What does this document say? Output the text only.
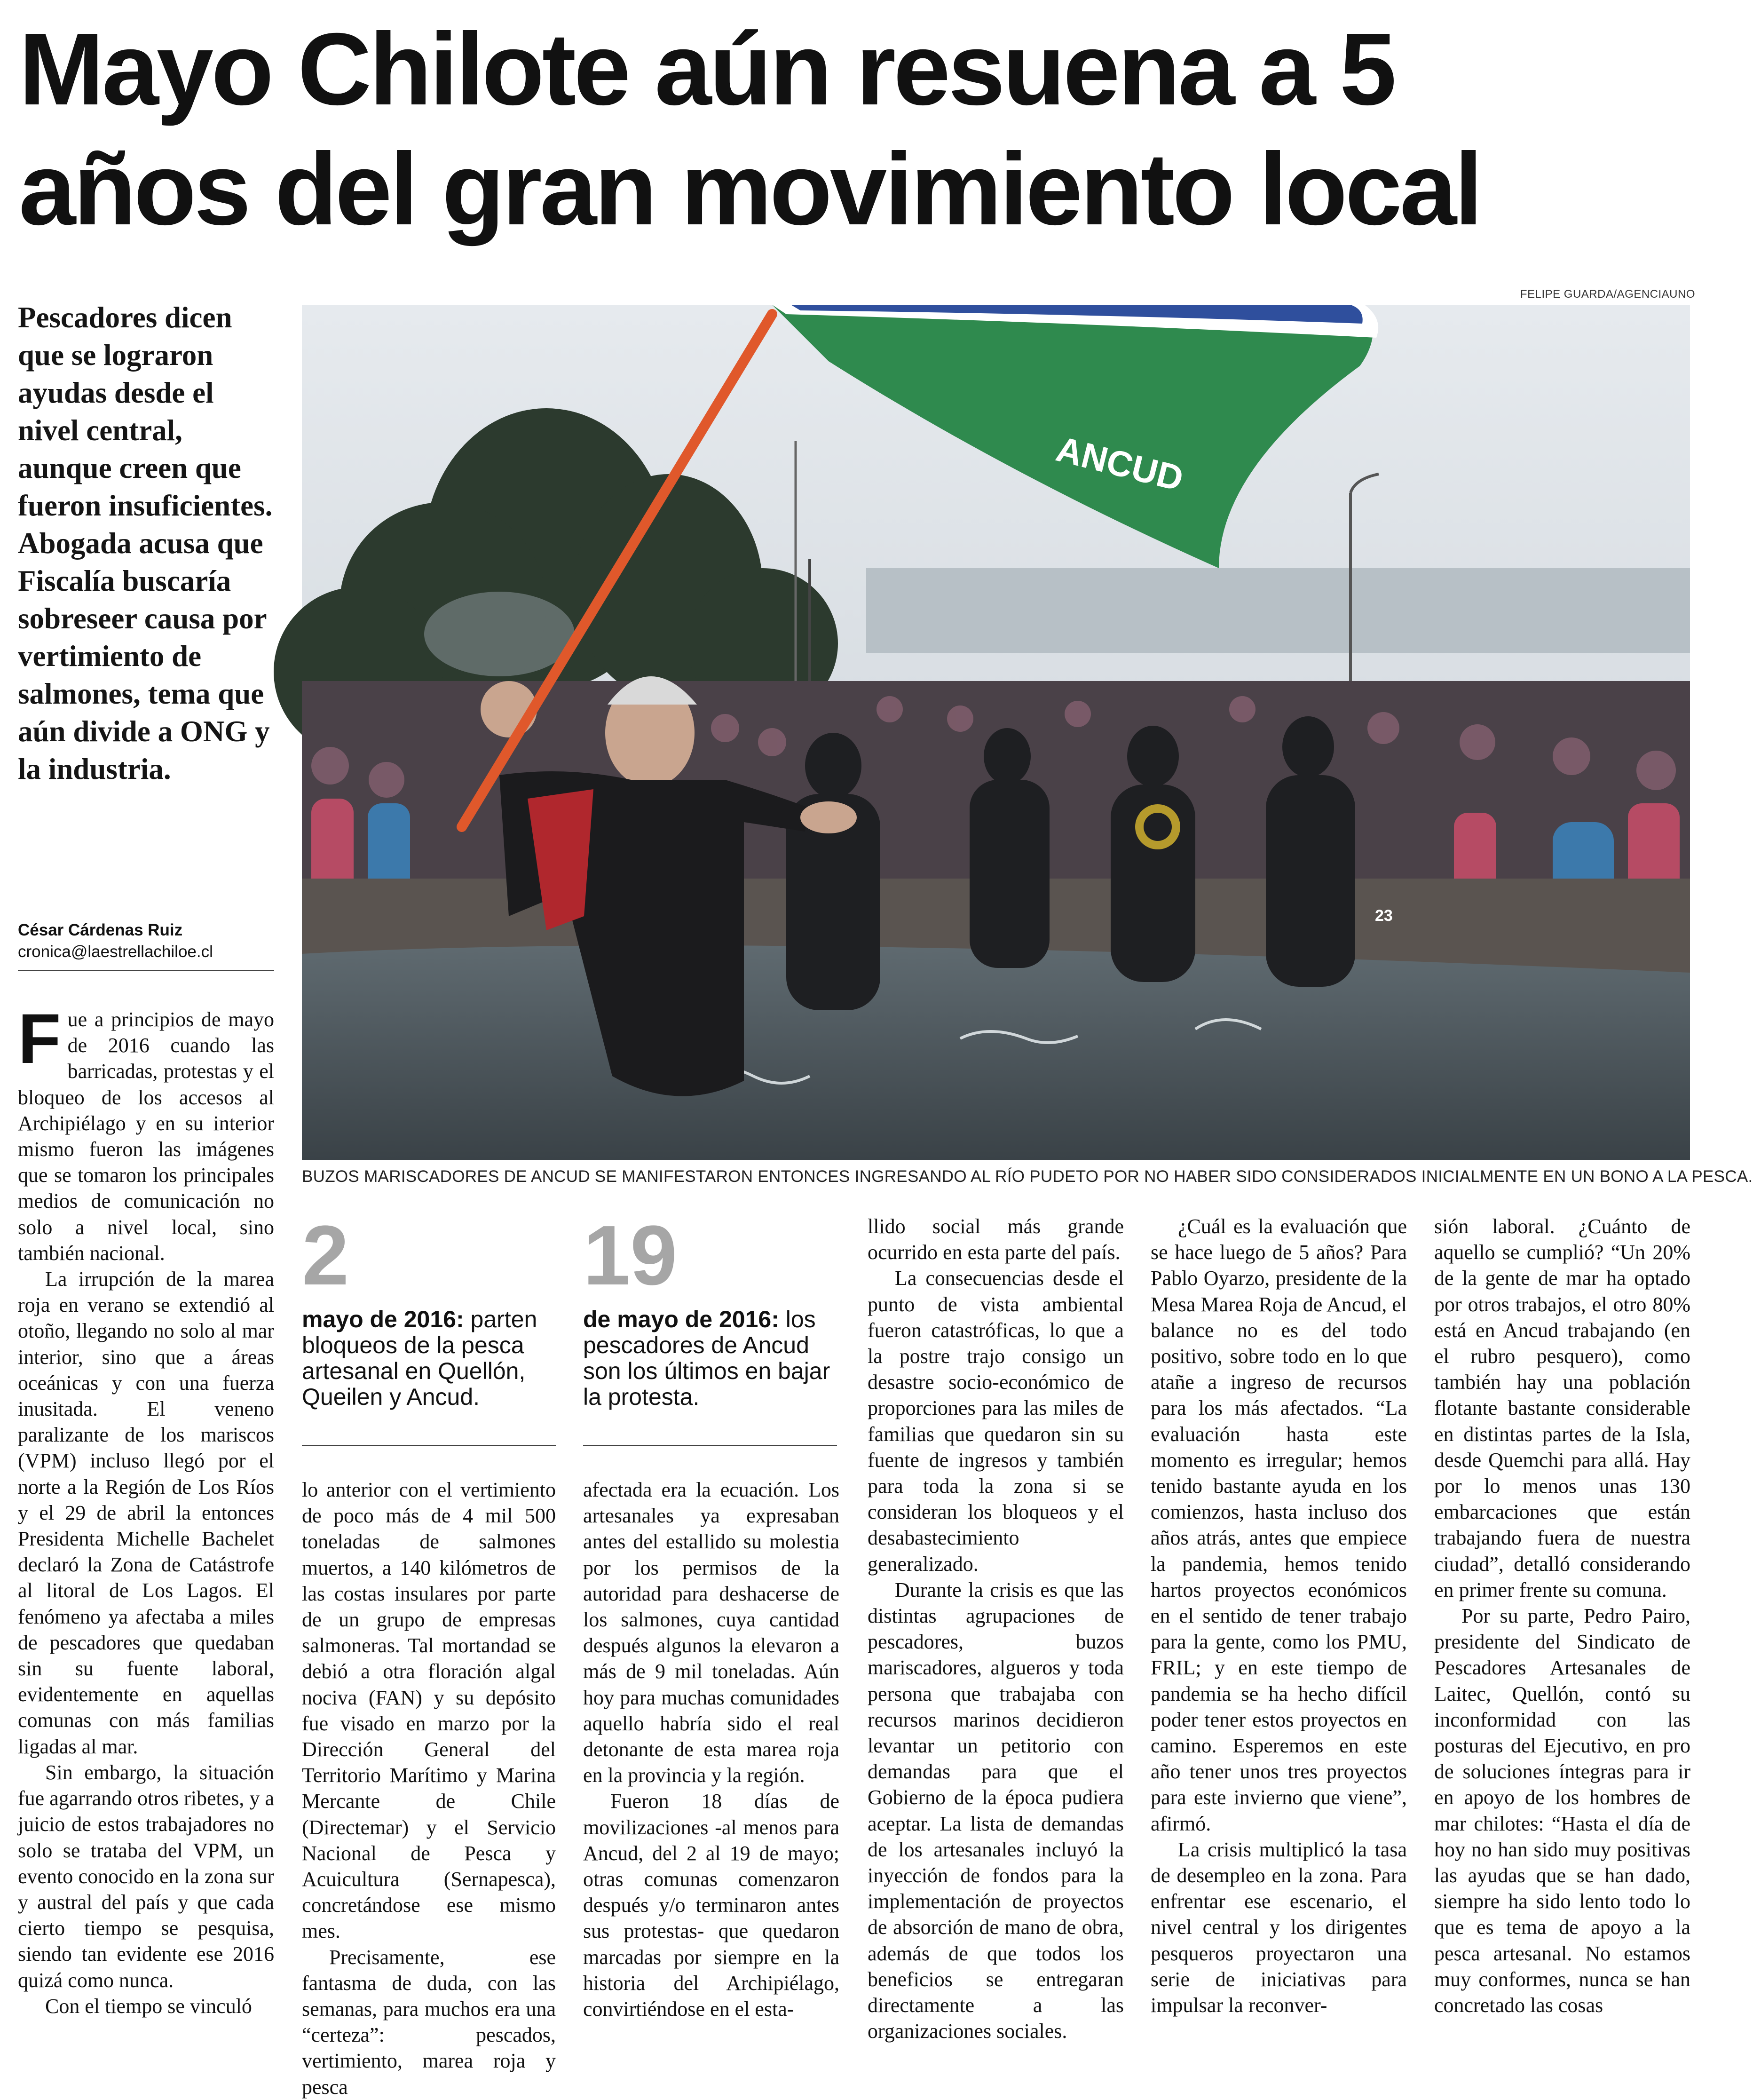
Mayo Chilote aún resuena a 5
años del gran movimiento local
Pescadores dicen que se lograron ayudas desde el nivel central, aunque creen que fueron insuficientes. Abogada acusa que Fiscalía buscaría sobreseer causa por vertimiento de salmones, tema que aún divide a ONG y la industria.
César Cárdenas Ruiz
cronica@laestrellachiloe.cl
FELIPE GUARDA/AGENCIAUNO
ANCUD
23
BUZOS MARISCADORES DE ANCUD SE MANIFESTARON ENTONCES INGRESANDO AL RÍO PUDETO POR NO HABER SIDO CONSIDERADOS INICIALMENTE EN UN BONO A LA PESCA.

Fue a principios de mayo de 2016 cuando las barricadas, protestas y el bloqueo de los accesos al Archipiélago y en su interior mismo fueron las imágenes que se tomaron los principales medios de comunicación no solo a nivel local, sino también nacional.

La irrupción de la marea roja en verano se extendió al otoño, llegando no solo al mar interior, sino que a áreas oceánicas y con una fuerza inusitada. El veneno paralizante de los mariscos (VPM) incluso llegó por el norte a la Región de Los Ríos y el 29 de abril la entonces Presidenta Michelle Bachelet declaró la Zona de Catástrofe al litoral de Los Lagos. El fenómeno ya afectaba a miles de pescadores que quedaban sin su fuente laboral, evidentemente en aquellas comunas con más familias ligadas al mar.

Sin embargo, la situación fue agarrando otros ribetes, y a juicio de estos trabajadores no solo se trataba del VPM, un evento conocido en la zona sur y austral del país y que cada cierto tiempo se pesquisa, siendo tan evidente ese 2016 quizá como nunca.

Con el tiempo se vinculó

2
mayo de 2016: parten bloqueos de la pesca artesanal en Quellón, Queilen y Ancud.
19
de mayo de 2016: los pescadores de Ancud son los últimos en bajar la protesta.

lo anterior con el vertimiento de poco más de 4 mil 500 toneladas de salmones muertos, a 140 kilómetros de las costas insulares por parte de un grupo de empresas salmoneras. Tal mortandad se debió a otra floración algal nociva (FAN) y su depósito fue visado en marzo por la Dirección General del Territorio Marítimo y Marina Mercante de Chile (Directemar) y el Servicio Nacional de Pesca y Acuicultura (Sernapesca), concretándose ese mismo mes.

Precisamente, ese fantasma de duda, con las semanas, para muchos era una “certeza”: pescados, vertimiento, marea roja y pesca

afectada era la ecuación. Los artesanales ya expresaban antes del estallido su molestia por los permisos de la autoridad para deshacerse de los salmones, cuya cantidad después algunos la elevaron a más de 9 mil toneladas. Aún hoy para muchas comunidades aquello habría sido el real detonante de esta marea roja en la provincia y la región.

Fueron 18 días de movilizaciones -al menos para Ancud, del 2 al 19 de mayo; otras comunas comenzaron después y/o terminaron antes sus protestas- que quedaron marcadas por siempre en la historia del Archipiélago, convirtiéndose en el esta-

llido social más grande ocurrido en esta parte del país.

La consecuencias desde el punto de vista ambiental fueron catastróficas, lo que a la postre trajo consigo un desastre socio-económico de proporciones para las miles de familias que quedaron sin su fuente de ingresos y también para toda la zona si se consideran los bloqueos y el desabastecimiento generalizado.

Durante la crisis es que las distintas agrupaciones de pescadores, buzos mariscadores, algueros y toda persona que trabajaba con recursos marinos decidieron levantar un petitorio con demandas para que el Gobierno de la época pudiera aceptar. La lista de demandas de los artesanales incluyó la inyección de fondos para la implementación de proyectos de absorción de mano de obra, además de que todos los beneficios se entregaran directamente a las organizaciones sociales.

¿Cuál es la evaluación que se hace luego de 5 años? Para Pablo Oyarzo, presidente de la Mesa Marea Roja de Ancud, el balance no es del todo positivo, sobre todo en lo que atañe a ingreso de recursos para los más afectados. “La evaluación hasta este momento es irregular; hemos tenido bastante ayuda en los comienzos, hasta incluso dos años atrás, antes que empiece la pandemia, hemos tenido hartos proyectos económicos en el sentido de tener trabajo para la gente, como los PMU, FRIL; y en este tiempo de pandemia se ha hecho difícil poder tener estos proyectos en camino. Esperemos en este año tener unos tres proyectos para este invierno que viene”, afirmó.

La crisis multiplicó la tasa de desempleo en la zona. Para enfrentar ese escenario, el nivel central y los dirigentes pesqueros proyectaron una serie de iniciativas para impulsar la reconver-

sión laboral. ¿Cuánto de aquello se cumplió? “Un 20% de la gente de mar ha optado por otros trabajos, el otro 80% está en Ancud trabajando (en el rubro pesquero), como también hay una población flotante bastante considerable en distintas partes de la Isla, desde Quemchi para allá. Hay por lo menos unas 130 embarcaciones que están trabajando fuera de nuestra ciudad”, detalló considerando en primer frente su comuna.

Por su parte, Pedro Pairo, presidente del Sindicato de Pescadores Artesanales de Laitec, Quellón, contó su inconformidad con las posturas del Ejecutivo, en pro de soluciones íntegras para ir en apoyo de los hombres de mar chilotes: “Hasta el día de hoy no han sido muy positivas las ayudas que se han dado, siempre ha sido lento todo lo que es tema de apoyo a la pesca artesanal. No estamos muy conformes, nunca se han concretado las cosas
